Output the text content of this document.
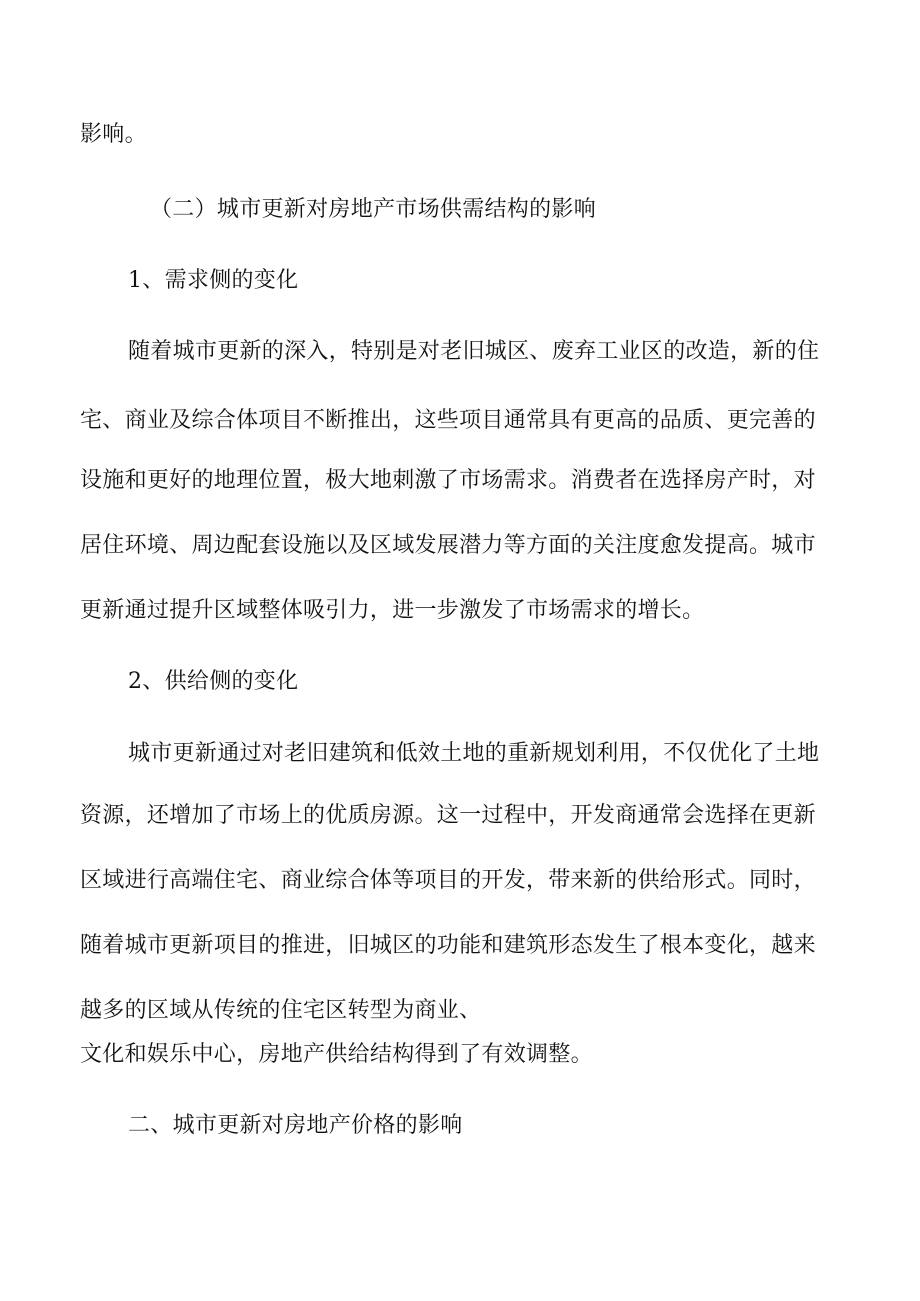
影响。
（二）城市更新对房地产市场供需结构的影响
1、需求侧的变化
随着城市更新的深入，特别是对老旧城区、废弃工业区的改造，新的住
宅、商业及综合体项目不断推出，这些项目通常具有更高的品质、更完善的
设施和更好的地理位置，极大地刺激了市场需求。消费者在选择房产时，对
居住环境、周边配套设施以及区域发展潜力等方面的关注度愈发提高。城市
更新通过提升区域整体吸引力，进一步激发了市场需求的增长。
2、供给侧的变化
城市更新通过对老旧建筑和低效土地的重新规划利用，不仅优化了土地
资源，还增加了市场上的优质房源。这一过程中，开发商通常会选择在更新
区域进行高端住宅、商业综合体等项目的开发，带来新的供给形式。同时，
随着城市更新项目的推进，旧城区的功能和建筑形态发生了根本变化，越来
越多的区域从传统的住宅区转型为商业、
文化和娱乐中心，房地产供给结构得到了有效调整。
二、城市更新对房地产价格的影响
